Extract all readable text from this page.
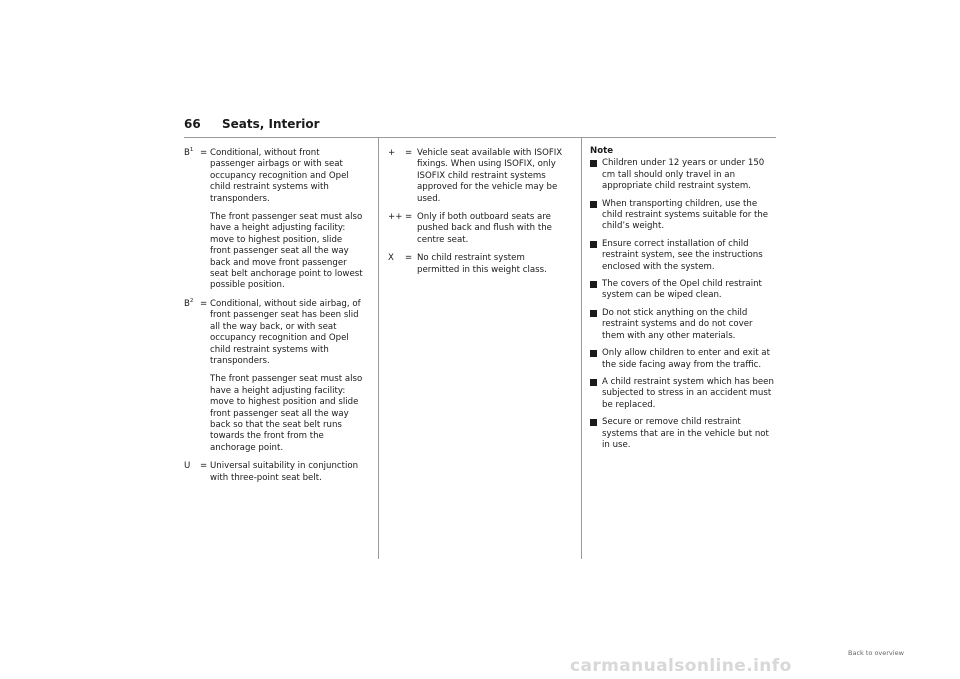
66 Seats, Interior
$B^1$ = Conditional, without front passenger airbags or with seat occupancy recognition and Opel child restraint systems with transponders.

The front passenger seat must also have a height adjusting facility: move to highest position, slide front passenger seat all the way back and move front passenger seat belt anchorage point to lowest possible position.

$B^2$ = Conditional, without side airbag, of front passenger seat has been slid all the way back, or with seat occupancy recognition and Opel child restraint systems with transponders.

The front passenger seat must also have a height adjusting facility: move to highest position and slide front passenger seat all the way back so that the seat belt runs towards the front from the anchorage point.

U = Universal suitability in conjunction with three-point seat belt.

+ = Vehicle seat available with ISOFIX fixings. When using ISOFIX, only ISOFIX child restraint systems approved for the vehicle may be used.

++ = Only if both outboard seats are pushed back and flush with the centre seat.

X = No child restraint system permitted in this weight class.

Note
Children under 12 years or under 150 cm tall should only travel in an appropriate child restraint system.
When transporting children, use the child restraint systems suitable for the child’s weight.
Ensure correct installation of child restraint system, see the instructions enclosed with the system.
The covers of the Opel child restraint system can be wiped clean.
Do not stick anything on the child restraint systems and do not cover them with any other materials.
Only allow children to enter and exit at the side facing away from the traffic.
A child restraint system which has been subjected to stress in an accident must be replaced.
Secure or remove child restraint systems that are in the vehicle but not in use.
Back to overview
carmanualsonline.info
